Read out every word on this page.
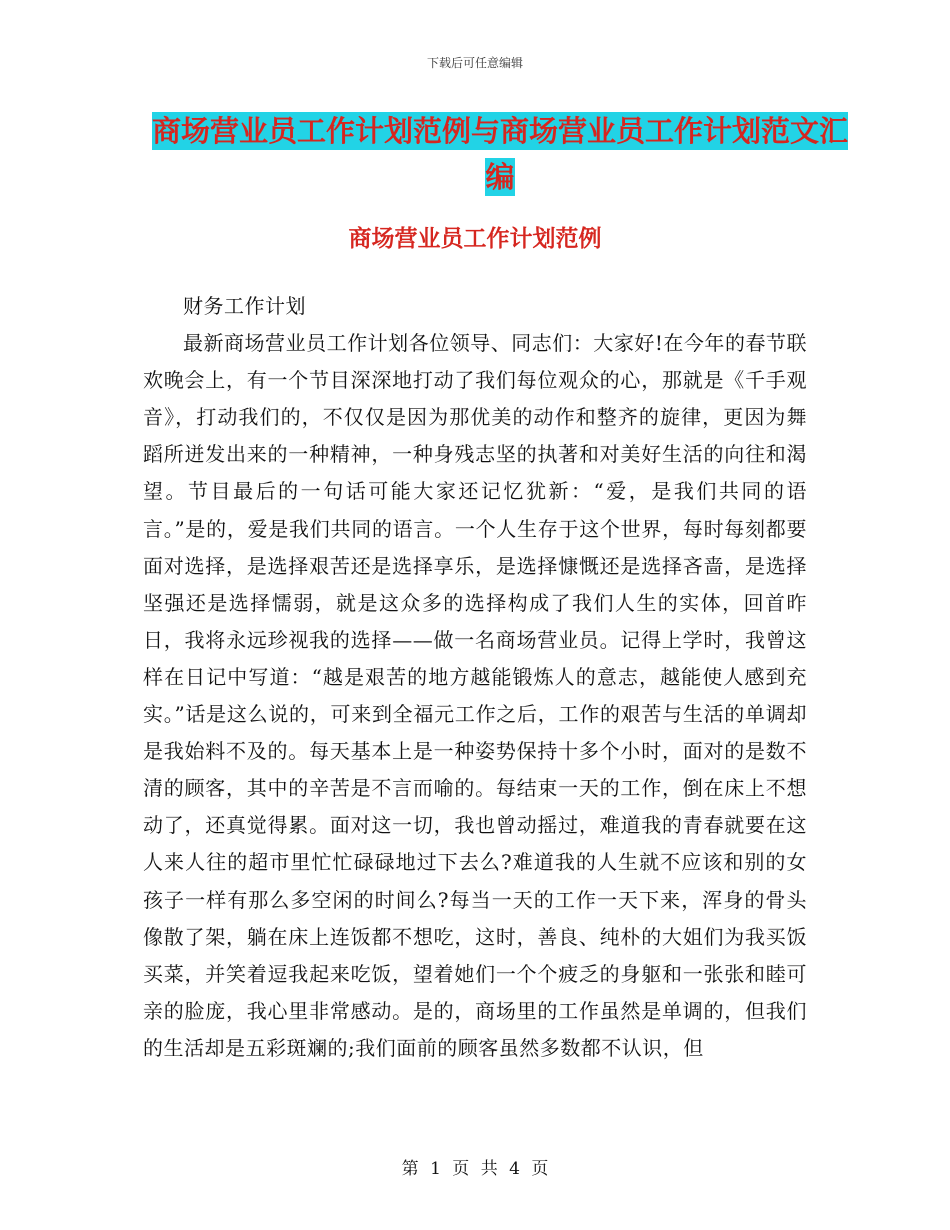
下载后可任意编辑
商场营业员工作计划范例与商场营业员工作计划范文汇编
商场营业员工作计划范例

财务工作计划

最新商场营业员工作计划各位领导、同志们：大家好!在今年的春节联欢晚会上，有一个节目深深地打动了我们每位观众的心，那就是《千手观音》，打动我们的，不仅仅是因为那优美的动作和整齐的旋律，更因为舞蹈所迸发出来的一种精神，一种身残志坚的执著和对美好生活的向往和渴望。节目最后的一句话可能大家还记忆犹新：“爱，是我们共同的语言。”是的，爱是我们共同的语言。一个人生存于这个世界，每时每刻都要面对选择，是选择艰苦还是选择享乐，是选择慷慨还是选择吝啬，是选择坚强还是选择懦弱，就是这众多的选择构成了我们人生的实体，回首昨日，我将永远珍视我的选择——做一名商场营业员。记得上学时，我曾这样在日记中写道：“越是艰苦的地方越能锻炼人的意志，越能使人感到充实。”话是这么说的，可来到全福元工作之后，工作的艰苦与生活的单调却是我始料不及的。每天基本上是一种姿势保持十多个小时，面对的是数不清的顾客，其中的辛苦是不言而喻的。每结束一天的工作，倒在床上不想动了，还真觉得累。面对这一切，我也曾动摇过，难道我的青春就要在这人来人往的超市里忙忙碌碌地过下去么?难道我的人生就不应该和别的女孩子一样有那么多空闲的时间么?每当一天的工作一天下来，浑身的骨头像散了架，躺在床上连饭都不想吃，这时，善良、纯朴的大姐们为我买饭买菜，并笑着逗我起来吃饭，望着她们一个个疲乏的身躯和一张张和睦可亲的脸庞，我心里非常感动。是的，商场里的工作虽然是单调的，但我们的生活却是五彩斑斓的;我们面前的顾客虽然多数都不认识，但

第 1 页 共 4 页
